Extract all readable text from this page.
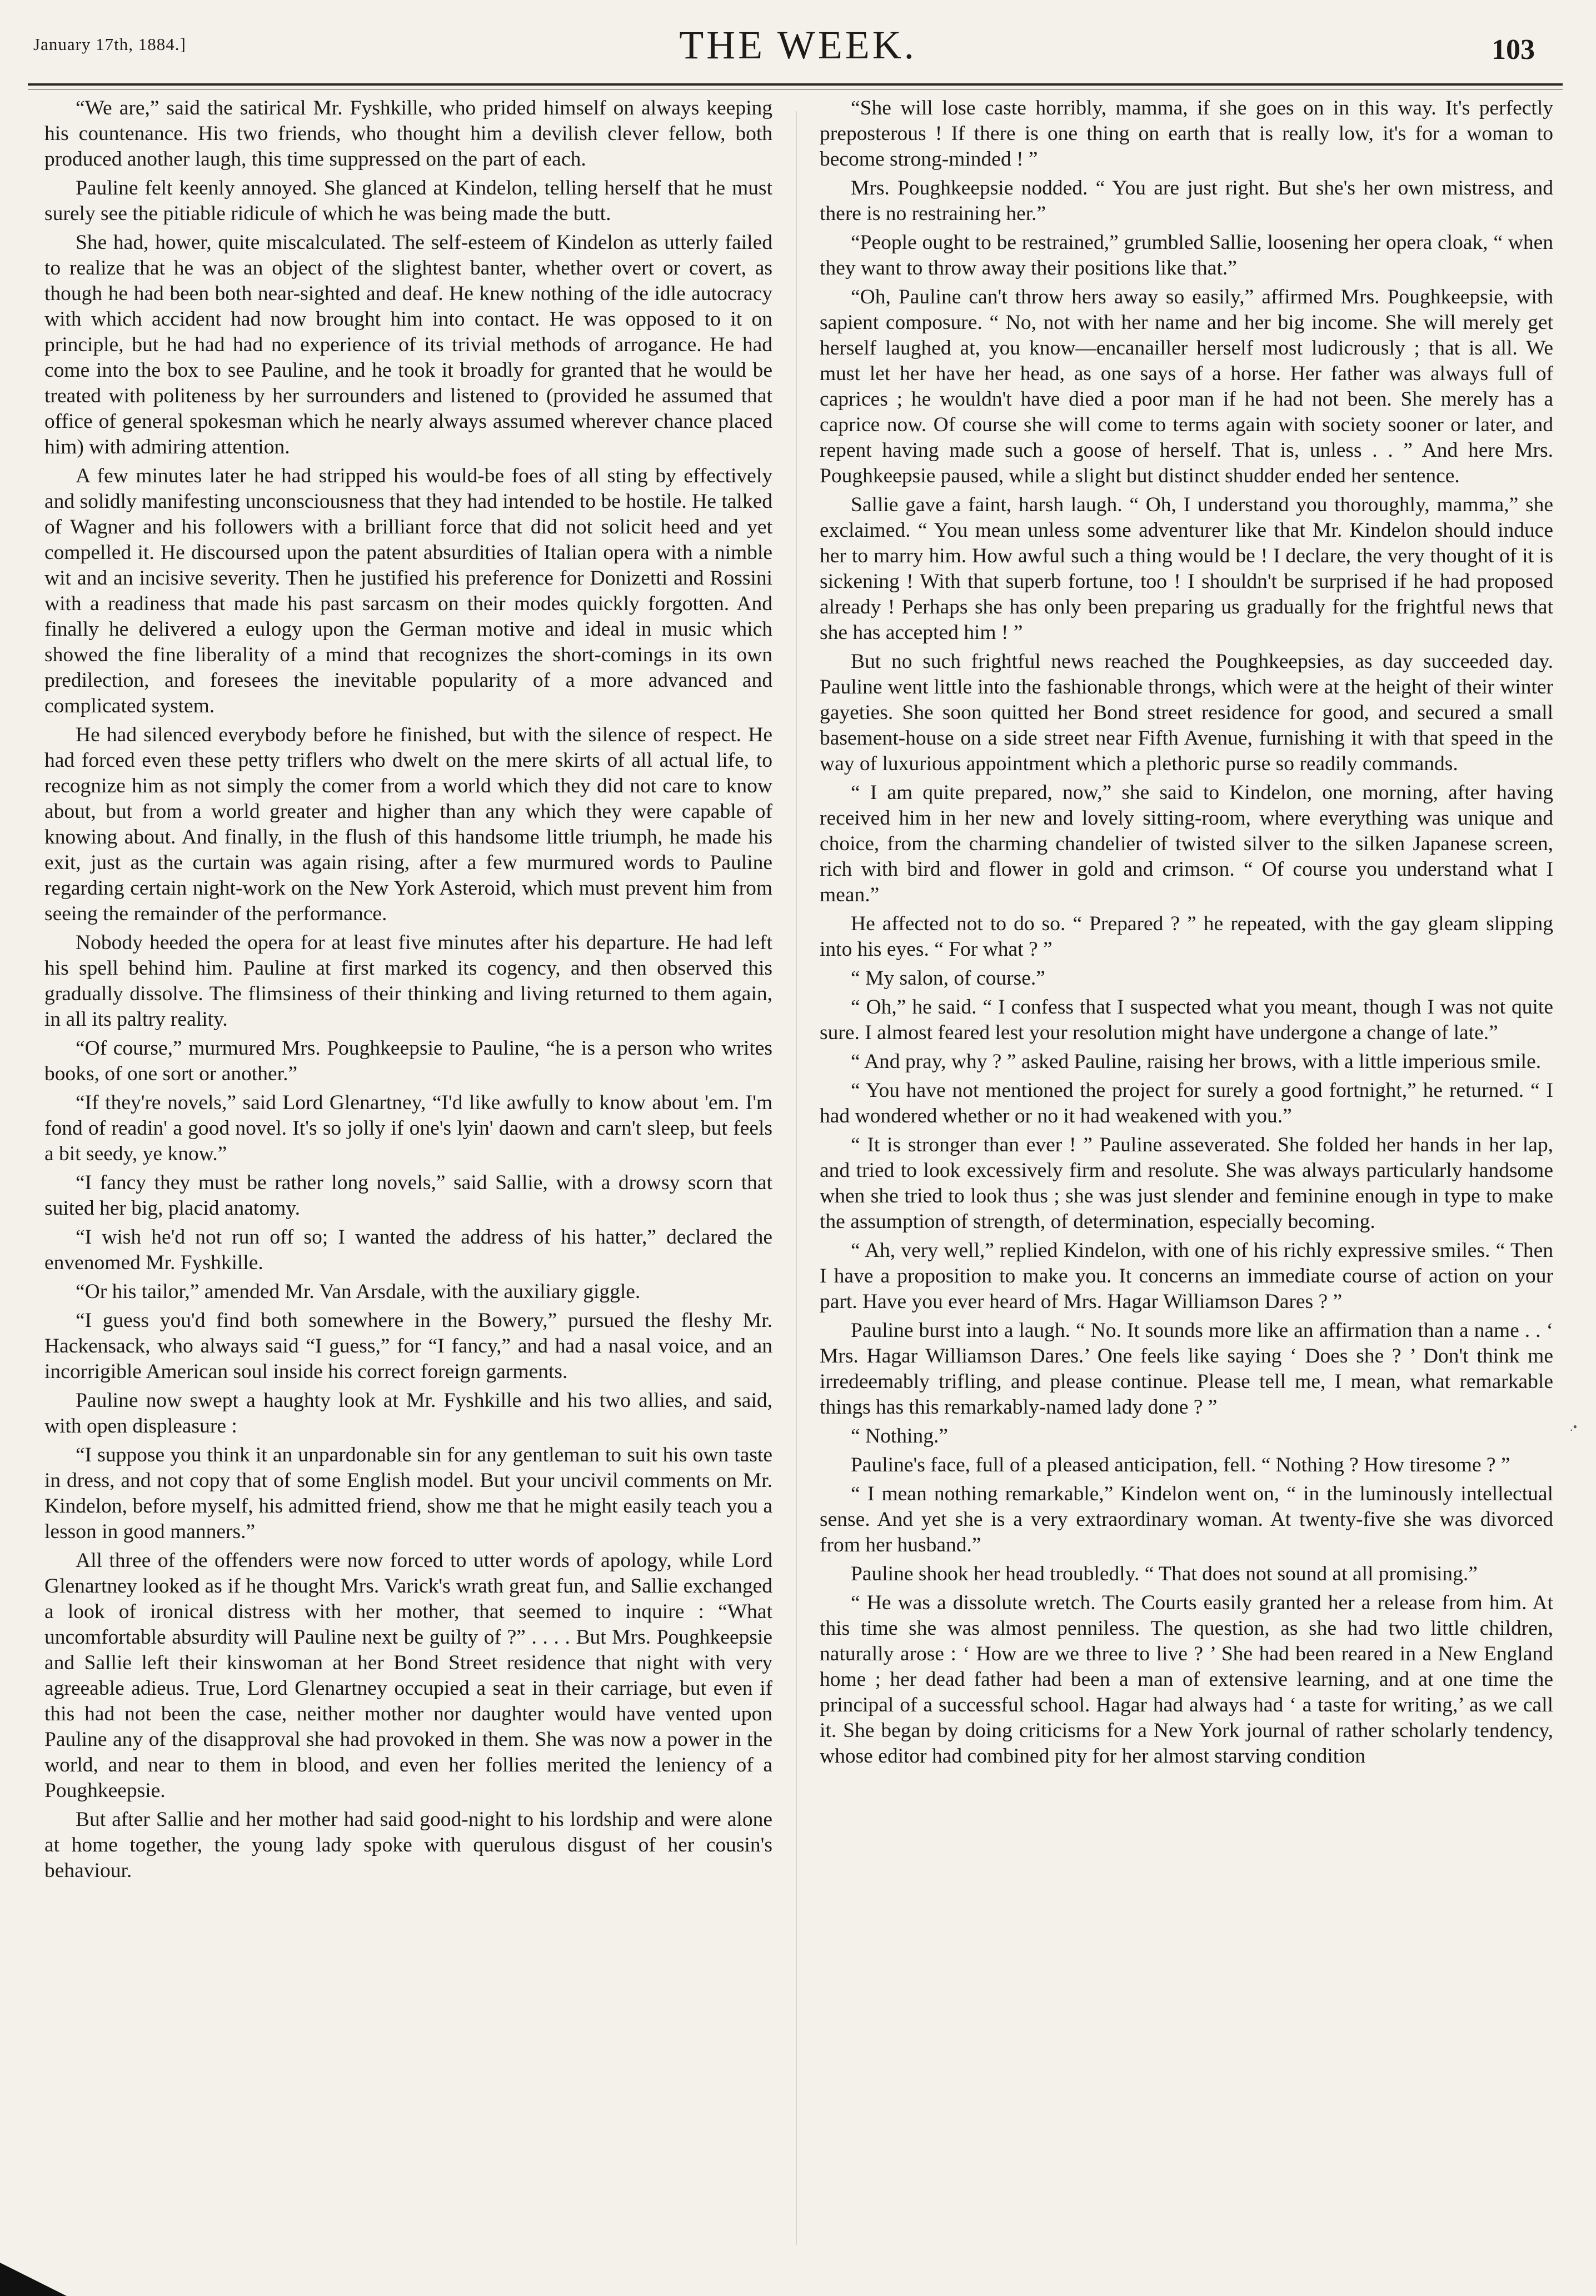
January 17th, 1884.]	THE WEEK.	103

“We are,” said the satirical Mr. Fyshkille, who prided himself on always keeping his countenance. His two friends, who thought him a devilish clever fellow, both produced another laugh, this time suppressed on the part of each.

Pauline felt keenly annoyed. She glanced at Kindelon, telling herself that he must surely see the pitiable ridicule of which he was being made the butt.

She had, hower, quite miscalculated. The self-esteem of Kindelon as utterly failed to realize that he was an object of the slightest banter, whether overt or covert, as though he had been both near-sighted and deaf. He knew nothing of the idle autocracy with which accident had now brought him into contact. He was opposed to it on principle, but he had had no experience of its trivial methods of arrogance. He had come into the box to see Pauline, and he took it broadly for granted that he would be treated with politeness by her surrounders and listened to (provided he assumed that office of general spokesman which he nearly always assumed wherever chance placed him) with admiring attention.

A few minutes later he had stripped his would-be foes of all sting by effectively and solidly manifesting unconsciousness that they had intended to be hostile. He talked of Wagner and his followers with a brilliant force that did not solicit heed and yet compelled it. He discoursed upon the patent absurdities of Italian opera with a nimble wit and an incisive severity. Then he justified his preference for Donizetti and Rossini with a readiness that made his past sarcasm on their modes quickly forgotten. And finally he delivered a eulogy upon the German motive and ideal in music which showed the fine liberality of a mind that recognizes the short-comings in its own predilection, and foresees the inevitable popularity of a more advanced and complicated system.

He had silenced everybody before he finished, but with the silence of respect. He had forced even these petty triflers who dwelt on the mere skirts of all actual life, to recognize him as not simply the comer from a world which they did not care to know about, but from a world greater and higher than any which they were capable of knowing about. And finally, in the flush of this handsome little triumph, he made his exit, just as the curtain was again rising, after a few murmured words to Pauline regarding certain night-work on the New York Asteroid, which must prevent him from seeing the remainder of the performance.

Nobody heeded the opera for at least five minutes after his departure. He had left his spell behind him. Pauline at first marked its cogency, and then observed this gradually dissolve. The flimsiness of their thinking and living returned to them again, in all its paltry reality.

“Of course,” murmured Mrs. Poughkeepsie to Pauline, “he is a person who writes books, of one sort or another.”

“If they're novels,” said Lord Glenartney, “I'd like awfully to know about 'em. I'm fond of readin' a good novel. It's so jolly if one's lyin' daown and carn't sleep, but feels a bit seedy, ye know.”

“I fancy they must be rather long novels,” said Sallie, with a drowsy scorn that suited her big, placid anatomy.

“I wish he'd not run off so; I wanted the address of his hatter,” declared the envenomed Mr. Fyshkille.

“Or his tailor,” amended Mr. Van Arsdale, with the auxiliary giggle.

“I guess you'd find both somewhere in the Bowery,” pursued the fleshy Mr. Hackensack, who always said “I guess,” for “I fancy,” and had a nasal voice, and an incorrigible American soul inside his correct foreign garments.

Pauline now swept a haughty look at Mr. Fyshkille and his two allies, and said, with open displeasure :

“I suppose you think it an unpardonable sin for any gentleman to suit his own taste in dress, and not copy that of some English model. But your uncivil comments on Mr. Kindelon, before myself, his admitted friend, show me that he might easily teach you a lesson in good manners.”

All three of the offenders were now forced to utter words of apology, while Lord Glenartney looked as if he thought Mrs. Varick's wrath great fun, and Sallie exchanged a look of ironical distress with her mother, that seemed to inquire : “What uncomfortable absurdity will Pauline next be guilty of ?” . . . . But Mrs. Poughkeepsie and Sallie left their kinswoman at her Bond Street residence that night with very agreeable adieus. True, Lord Glenartney occupied a seat in their carriage, but even if this had not been the case, neither mother nor daughter would have vented upon Pauline any of the disapproval she had provoked in them. She was now a power in the world, and near to them in blood, and even her follies merited the leniency of a Poughkeepsie.

But after Sallie and her mother had said good-night to his lordship and were alone at home together, the young lady spoke with querulous disgust of her cousin's behaviour.

“She will lose caste horribly, mamma, if she goes on in this way. It's perfectly preposterous ! If there is one thing on earth that is really low, it's for a woman to become strong-minded ! ”

Mrs. Poughkeepsie nodded. “ You are just right. But she's her own mistress, and there is no restraining her.”

“People ought to be restrained,” grumbled Sallie, loosening her opera cloak, “ when they want to throw away their positions like that.”

“Oh, Pauline can't throw hers away so easily,” affirmed Mrs. Poughkeepsie, with sapient composure. “ No, not with her name and her big income. She will merely get herself laughed at, you know—encanailler herself most ludicrously ; that is all. We must let her have her head, as one says of a horse. Her father was always full of caprices ; he wouldn't have died a poor man if he had not been. She merely has a caprice now. Of course she will come to terms again with society sooner or later, and repent having made such a goose of herself. That is, unless . . ” And here Mrs. Poughkeepsie paused, while a slight but distinct shudder ended her sentence.

Sallie gave a faint, harsh laugh. “ Oh, I understand you thoroughly, mamma,” she exclaimed. “ You mean unless some adventurer like that Mr. Kindelon should induce her to marry him. How awful such a thing would be ! I declare, the very thought of it is sickening ! With that superb fortune, too ! I shouldn't be surprised if he had proposed already ! Perhaps she has only been preparing us gradually for the frightful news that she has accepted him ! ”

But no such frightful news reached the Poughkeepsies, as day succeeded day. Pauline went little into the fashionable throngs, which were at the height of their winter gayeties. She soon quitted her Bond street residence for good, and secured a small basement-house on a side street near Fifth Avenue, furnishing it with that speed in the way of luxurious appointment which a plethoric purse so readily commands.

“ I am quite prepared, now,” she said to Kindelon, one morning, after having received him in her new and lovely sitting-room, where everything was unique and choice, from the charming chandelier of twisted silver to the silken Japanese screen, rich with bird and flower in gold and crimson. “ Of course you understand what I mean.”

He affected not to do so. “ Prepared ? ” he repeated, with the gay gleam slipping into his eyes. “ For what ? ”

“ My salon, of course.”

“ Oh,” he said. “ I confess that I suspected what you meant, though I was not quite sure. I almost feared lest your resolution might have undergone a change of late.”

“ And pray, why ? ” asked Pauline, raising her brows, with a little imperious smile.

“ You have not mentioned the project for surely a good fortnight,” he returned. “ I had wondered whether or no it had weakened with you.”

“ It is stronger than ever ! ” Pauline asseverated. She folded her hands in her lap, and tried to look excessively firm and resolute. She was always particularly handsome when she tried to look thus ; she was just slender and feminine enough in type to make the assumption of strength, of determination, especially becoming.

“ Ah, very well,” replied Kindelon, with one of his richly expressive smiles. “ Then I have a proposition to make you. It concerns an immediate course of action on your part. Have you ever heard of Mrs. Hagar Williamson Dares ? ”

Pauline burst into a laugh. “ No. It sounds more like an affirmation than a name . . ‘ Mrs. Hagar Williamson Dares.’ One feels like saying ‘ Does she ? ’ Don't think me irredeemably trifling, and please continue. Please tell me, I mean, what remarkable things has this remarkably-named lady done ? ”

“ Nothing.”

Pauline's face, full of a pleased anticipation, fell. “ Nothing ? How tiresome ? ”

“ I mean nothing remarkable,” Kindelon went on, “ in the luminously intellectual sense. And yet she is a very extraordinary woman. At twenty-five she was divorced from her husband.”

Pauline shook her head troubledly. “ That does not sound at all promising.”

“ He was a dissolute wretch. The Courts easily granted her a release from him. At this time she was almost penniless. The question, as she had two little children, naturally arose : ‘ How are we three to live ? ’ She had been reared in a New England home ; her dead father had been a man of extensive learning, and at one time the principal of a successful school. Hagar had always had ‘ a taste for writing,’ as we call it. She began by doing criticisms for a New York journal of rather scholarly tendency, whose editor had combined pity for her almost starving condition

.•
